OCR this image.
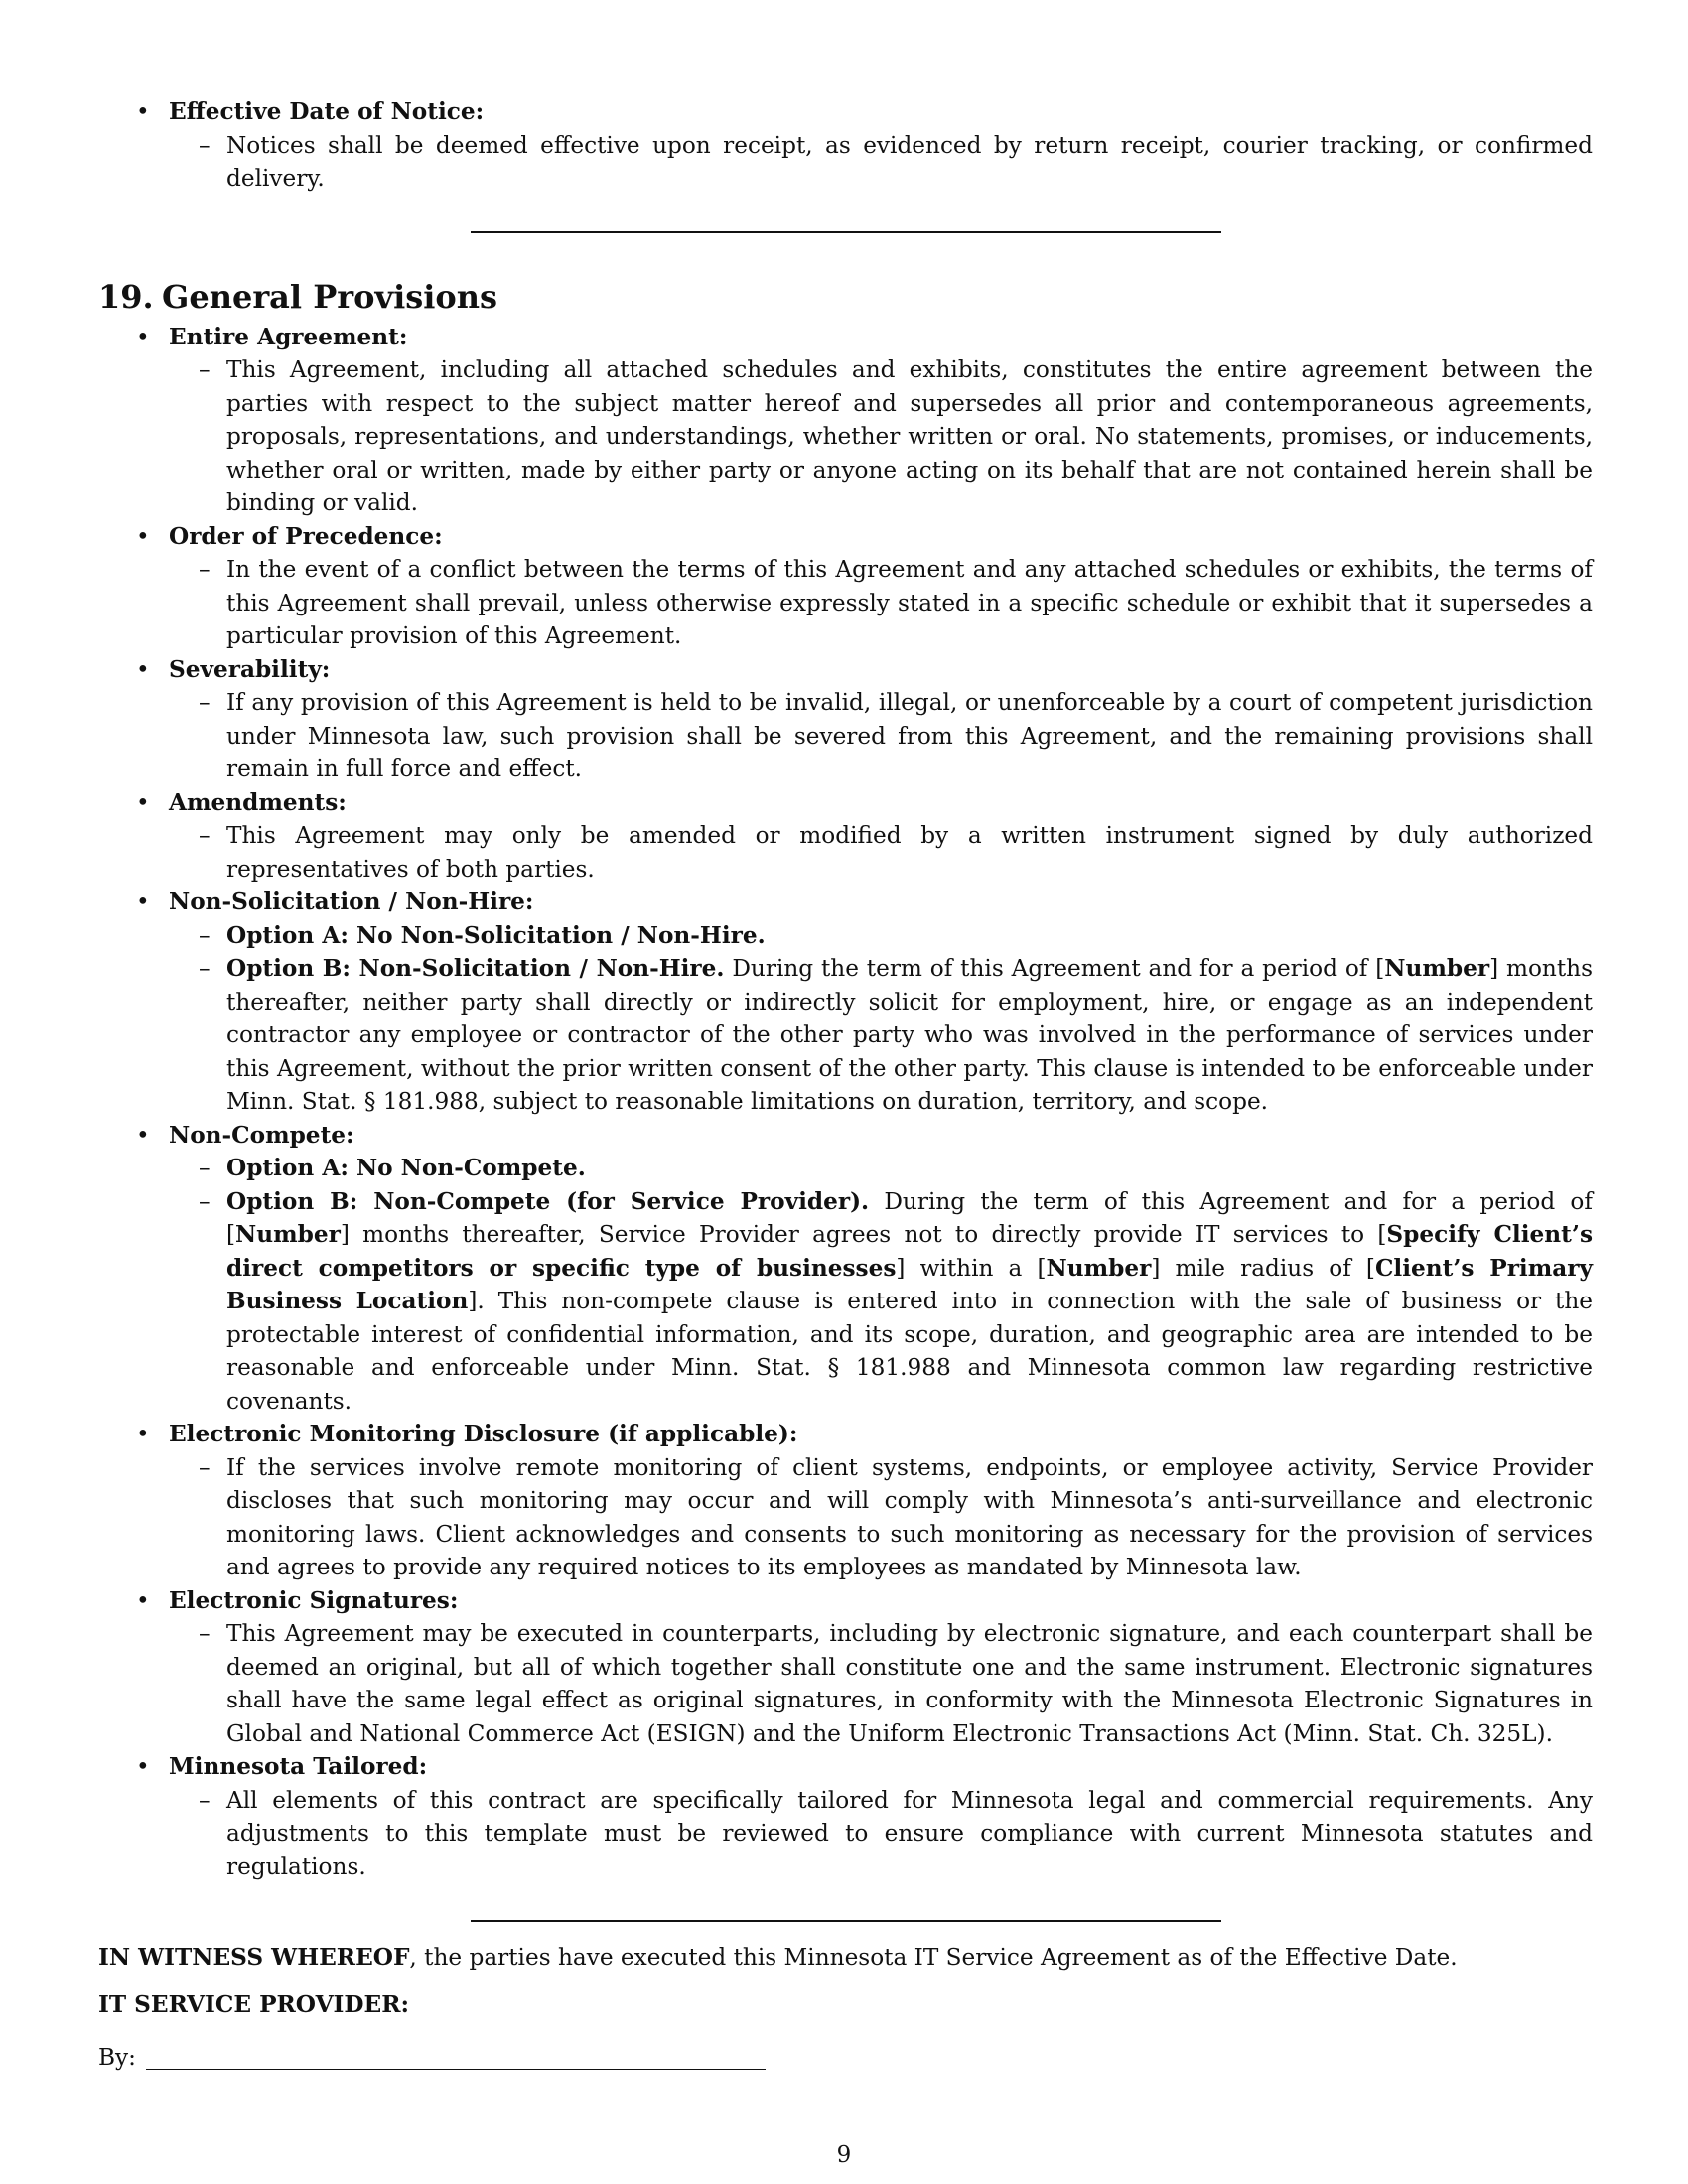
• Effective Date of Notice:
– Notices shall be deemed effective upon receipt, as evidenced by return receipt, courier tracking, or confirmed delivery.
19. General Provisions
• Entire Agreement:
– This Agreement, including all attached schedules and exhibits, constitutes the entire agreement between the parties with respect to the subject matter hereof and supersedes all prior and contemporaneous agreements, proposals, representations, and understandings, whether written or oral. No statements, promises, or inducements, whether oral or written, made by either party or anyone acting on its behalf that are not contained herein shall be binding or valid.
• Order of Precedence:
– In the event of a conflict between the terms of this Agreement and any attached schedules or exhibits, the terms of this Agreement shall prevail, unless otherwise expressly stated in a specific schedule or exhibit that it supersedes a particular provision of this Agreement.
• Severability:
– If any provision of this Agreement is held to be invalid, illegal, or unenforceable by a court of competent jurisdiction under Minnesota law, such provision shall be severed from this Agreement, and the remaining provisions shall remain in full force and effect.
• Amendments:
– This Agreement may only be amended or modified by a written instrument signed by duly authorized representatives of both parties.
• Non-Solicitation / Non-Hire:
– Option A: No Non-Solicitation / Non-Hire.
– Option B: Non-Solicitation / Non-Hire. During the term of this Agreement and for a period of [Number] months thereafter, neither party shall directly or indirectly solicit for employment, hire, or engage as an independent contractor any employee or contractor of the other party who was involved in the performance of services under this Agreement, without the prior written consent of the other party. This clause is intended to be enforceable under Minn. Stat. § 181.988, subject to reasonable limitations on duration, territory, and scope.
• Non-Compete:
– Option A: No Non-Compete.
– Option B: Non-Compete (for Service Provider). During the term of this Agreement and for a period of [Number] months thereafter, Service Provider agrees not to directly provide IT services to [Specify Client’s direct competitors or specific type of businesses] within a [Number] mile radius of [Client’s Primary Business Location]. This non-compete clause is entered into in connection with the sale of business or the protectable interest of confidential information, and its scope, duration, and geographic area are intended to be reasonable and enforceable under Minn. Stat. § 181.988 and Minnesota common law regarding restrictive covenants.
• Electronic Monitoring Disclosure (if applicable):
– If the services involve remote monitoring of client systems, endpoints, or employee activity, Service Provider discloses that such monitoring may occur and will comply with Minnesota’s anti-surveillance and electronic monitoring laws. Client acknowledges and consents to such monitoring as necessary for the provision of services and agrees to provide any required notices to its employees as mandated by Minnesota law.
• Electronic Signatures:
– This Agreement may be executed in counterparts, including by electronic signature, and each counterpart shall be deemed an original, but all of which together shall constitute one and the same instrument. Electronic signatures shall have the same legal effect as original signatures, in conformity with the Minnesota Electronic Signatures in Global and National Commerce Act (ESIGN) and the Uniform Electronic Transactions Act (Minn. Stat. Ch. 325L).
• Minnesota Tailored:
– All elements of this contract are specifically tailored for Minnesota legal and commercial requirements. Any adjustments to this template must be reviewed to ensure compliance with current Minnesota statutes and regulations.

IN WITNESS WHEREOF, the parties have executed this Minnesota IT Service Agreement as of the Effective Date.

IT SERVICE PROVIDER:
By:
9
